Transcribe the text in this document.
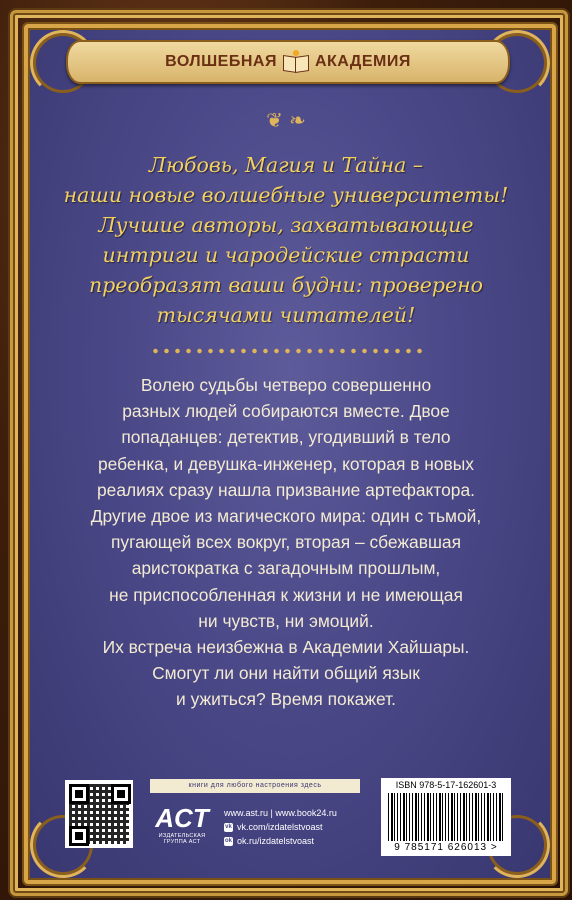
ВОЛШЕБНАЯ АКАДЕМИЯ
❦ ❧
Любовь, Магия и Тайна –
наши новые волшебные университеты!
Лучшие авторы, захватывающие
интриги и чародейские страсти
преобразят ваши будни: проверено
тысячами читателей!
Волею судьбы четверо совершенно
разных людей собираются вместе. Двое
попаданцев: детектив, угодивший в тело
ребенка, и девушка-инженер, которая в новых
реалиях сразу нашла призвание артефактора.
Другие двое из магического мира: один с тьмой,
пугающей всех вокруг, вторая – сбежавшая
аристократка с загадочным прошлым,
не приспособленная к жизни и не имеющая
ни чувств, ни эмоций.
Их встреча неизбежна в Академии Хайшары.
Смогут ли они найти общий язык
и ужиться? Время покажет.
книги для любого настроения здесь
ACT
ИЗДАТЕЛЬСКАЯ ГРУППА АСТ
www.ast.ru | www.book24.ru
vk vk.com/izdatelstvoast
ok ok.ru/izdatelstvoast
ISBN 978-5-17-162601-3
9 785171 626013 >
